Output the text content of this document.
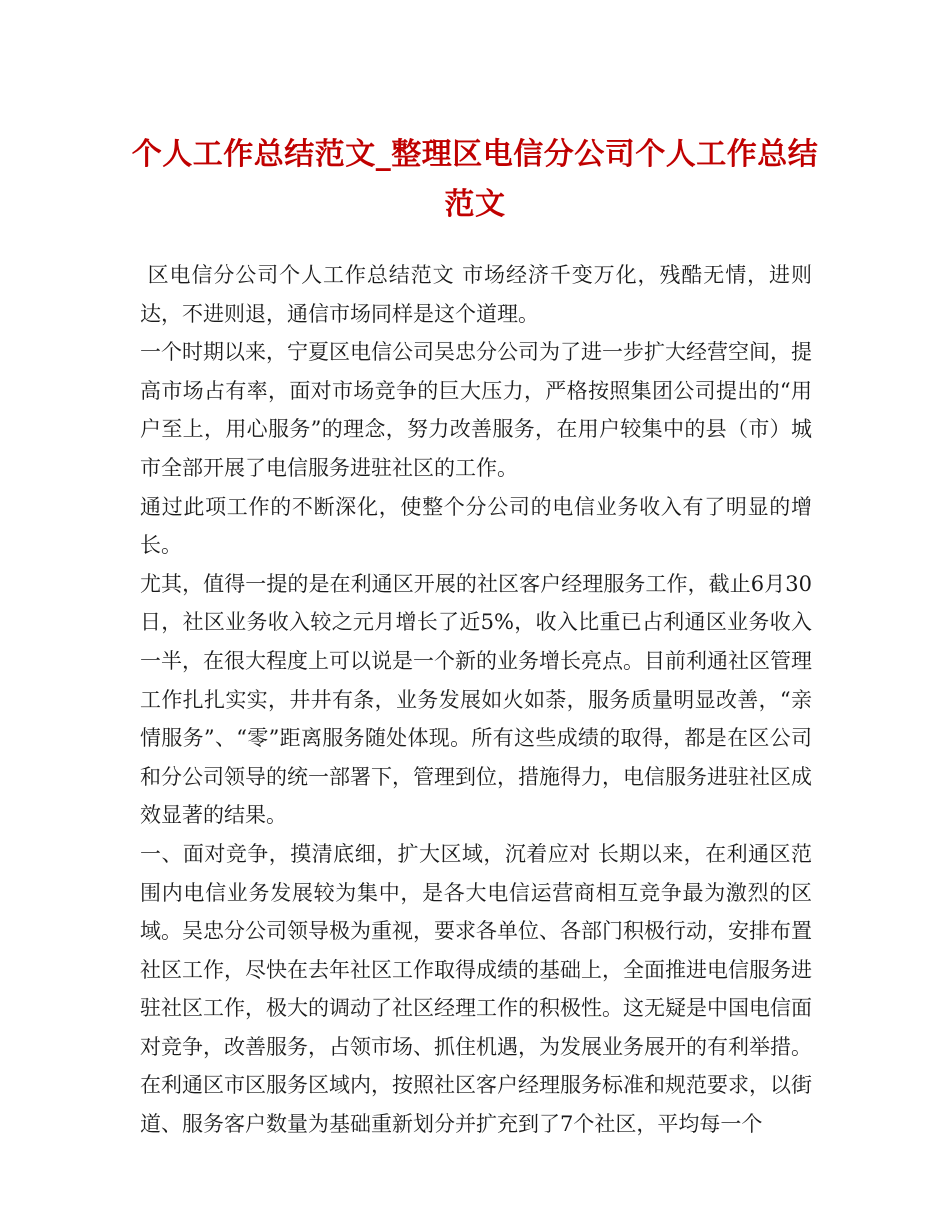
个人工作总结范文_整理区电信分公司个人工作总结范文

区电信分公司个人工作总结范文 市场经济千变万化，残酷无情，进则达，不进则退，通信市场同样是这个道理。

一个时期以来，宁夏区电信公司吴忠分公司为了进一步扩大经营空间，提高市场占有率，面对市场竞争的巨大压力，严格按照集团公司提出的“用户至上，用心服务”的理念，努力改善服务，在用户较集中的县（市）城市全部开展了电信服务进驻社区的工作。

通过此项工作的不断深化，使整个分公司的电信业务收入有了明显的增长。

尤其，值得一提的是在利通区开展的社区客户经理服务工作，截止6月30日，社区业务收入较之元月增长了近5%，收入比重已占利通区业务收入一半，在很大程度上可以说是一个新的业务增长亮点。目前利通社区管理工作扎扎实实，井井有条，业务发展如火如荼，服务质量明显改善，“亲情服务”、“零”距离服务随处体现。所有这些成绩的取得，都是在区公司和分公司领导的统一部署下，管理到位，措施得力，电信服务进驻社区成效显著的结果。

一、面对竞争，摸清底细，扩大区域，沉着应对 长期以来，在利通区范围内电信业务发展较为集中，是各大电信运营商相互竞争最为激烈的区域。吴忠分公司领导极为重视，要求各单位、各部门积极行动，安排布置社区工作，尽快在去年社区工作取得成绩的基础上，全面推进电信服务进驻社区工作，极大的调动了社区经理工作的积极性。这无疑是中国电信面对竞争，改善服务，占领市场、抓住机遇，为发展业务展开的有利举措。

在利通区市区服务区域内，按照社区客户经理服务标准和规范要求，以街道、服务客户数量为基础重新划分并扩充到了7个社区，平均每一个
